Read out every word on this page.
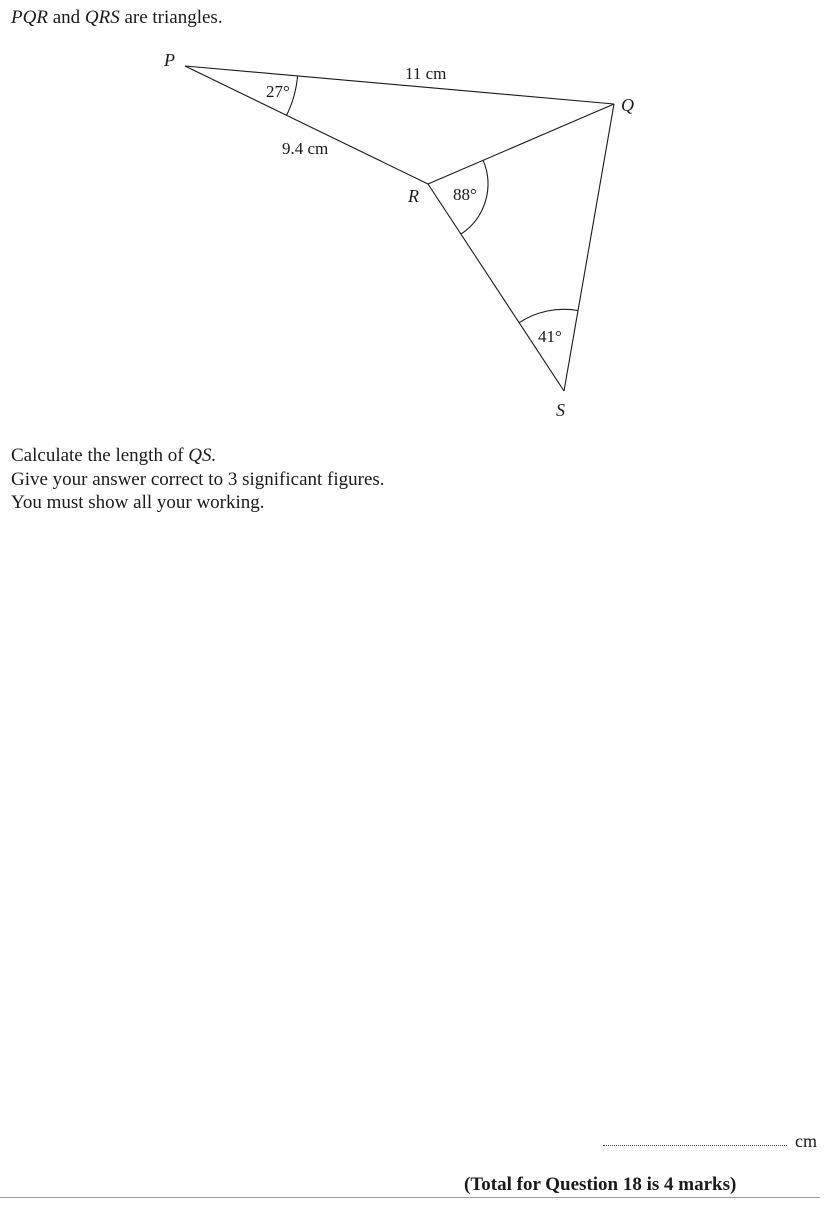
PQR and QRS are triangles.
P
Q
R
S
11 cm
9.4 cm
27°
88°
41°
Calculate the length of QS.
Give your answer correct to 3 significant figures.
You must show all your working.
cm
(Total for Question 18 is 4 marks)
